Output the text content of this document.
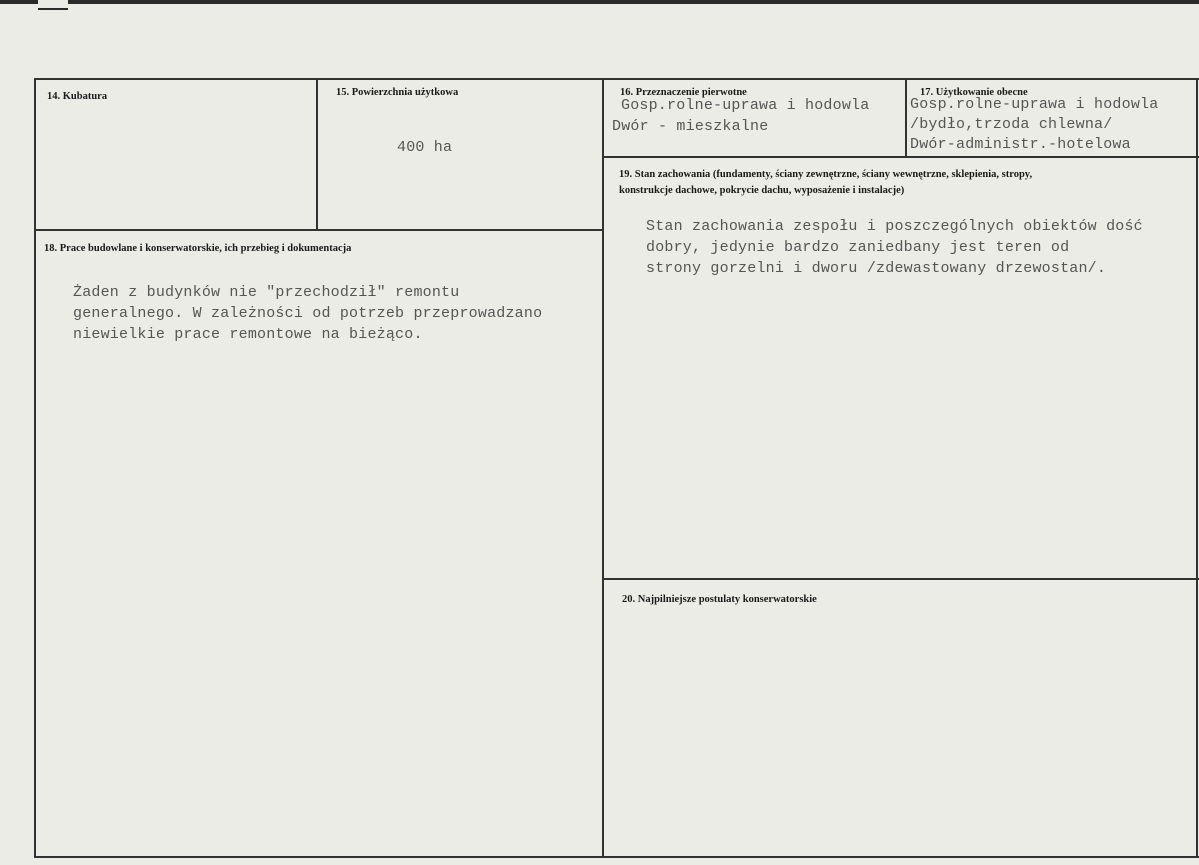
14. Kubatura	15. Powierzchnia użytkowa
400 ha
16. Przeznaczenie pierwotne
Gosp.rolne-uprawa i hodowla
Dwór - mieszkalne
17. Użytkowanie obecne
Gosp.rolne-uprawa i hodowla
/bydło,trzoda chlewna/
Dwór-administr.-hotelowa
18. Prace budowlane i konserwatorskie, ich przebieg i dokumentacja
Żaden z budynków nie "przechodził" remontu
generalnego. W zależności od potrzeb przeprowadzano
niewielkie prace remontowe na bieżąco.
19. Stan zachowania (fundamenty, ściany zewnętrzne, ściany wewnętrzne, sklepienia, stropy,
konstrukcje dachowe, pokrycie dachu, wyposażenie i instalacje)
Stan zachowania zespołu i poszczególnych obiektów dość
dobry, jedynie bardzo zaniedbany jest teren od
strony gorzelni i dworu /zdewastowany drzewostan/.
20. Najpilniejsze postulaty konserwatorskie
